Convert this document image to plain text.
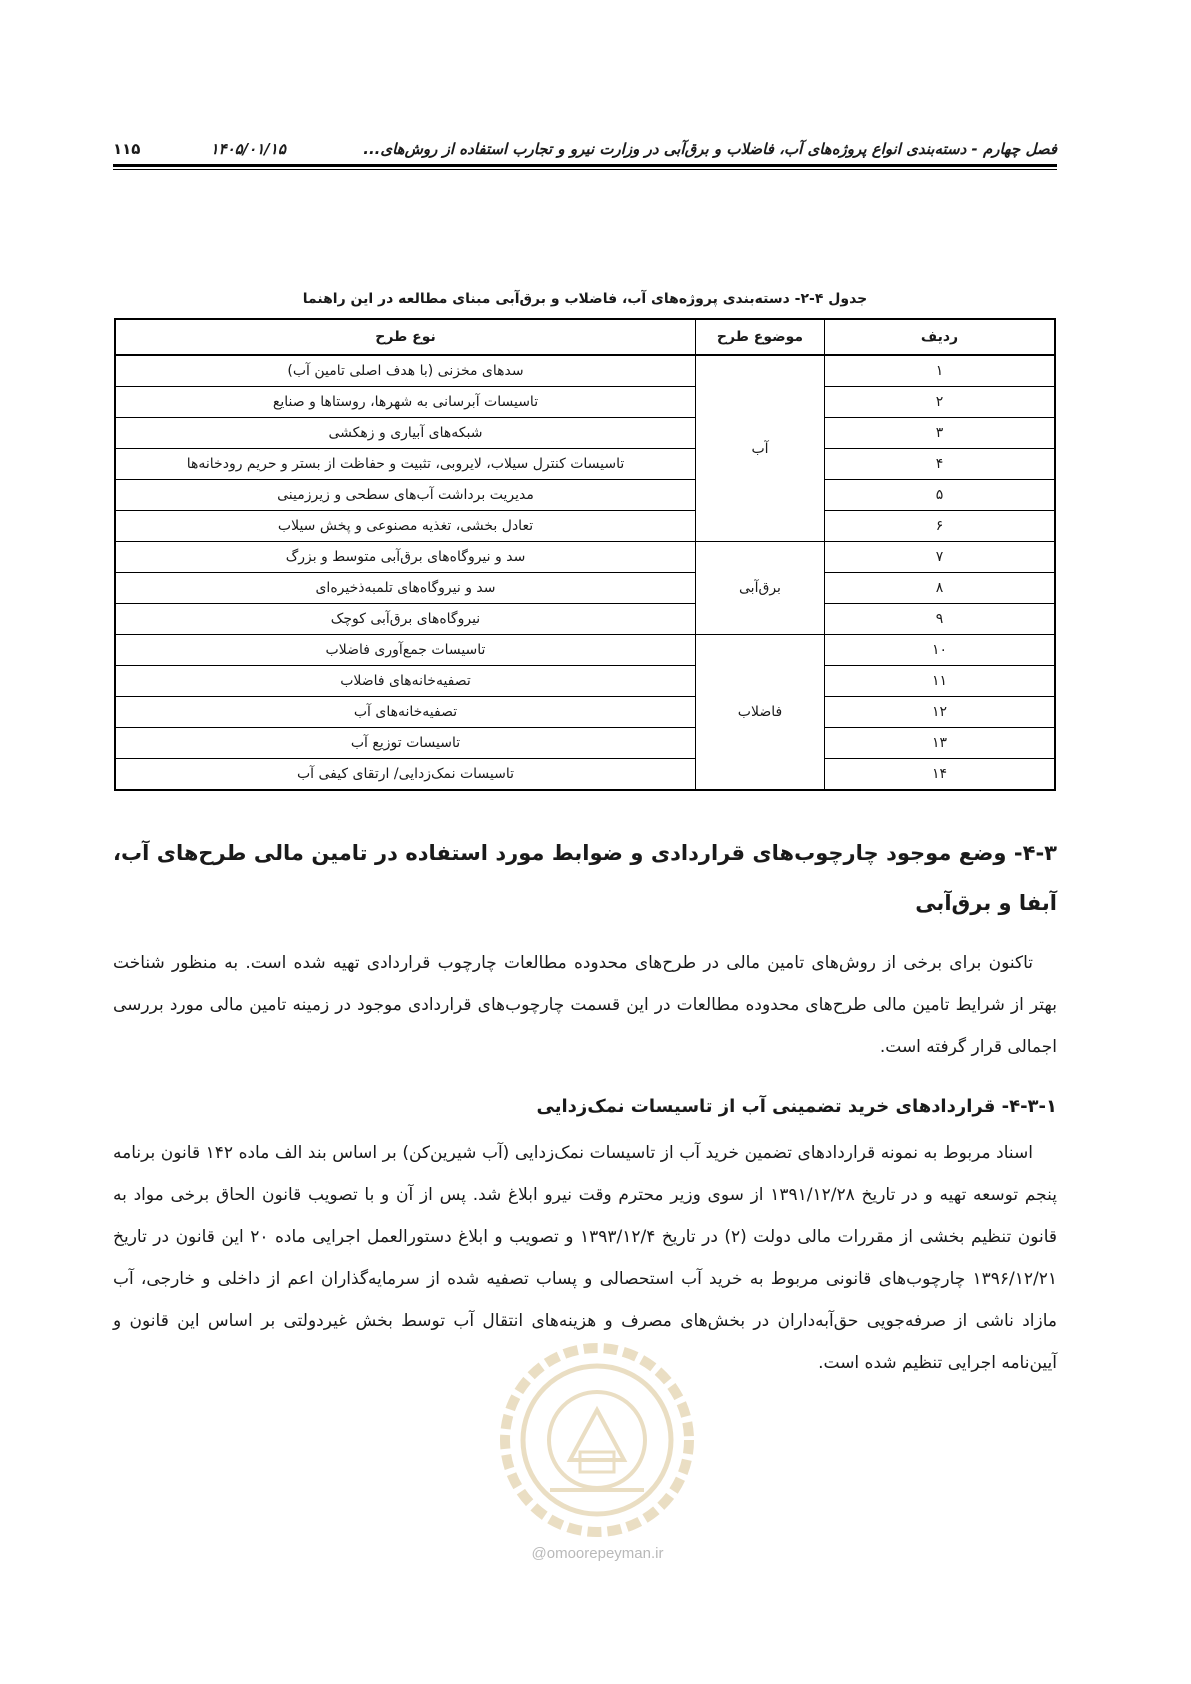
فصل چهارم - دسته‌بندی انواع پروژه‌های آب، فاضلاب و برق‌آبی در وزارت نیرو و تجارب استفاده از روش‌های...
۱۱۵	۱۴۰۵/۰۱/۱۵
جدول ۴-۲- دسته‌بندی پروژه‌های آب، فاضلاب و برق‌آبی مبنای مطالعه در این راهنما
ردیف	موضوع طرح	نوع طرح
۱	آب	سدهای مخزنی (با هدف اصلی تامین آب)
۲		تاسیسات آبرسانی به شهرها، روستاها و صنایع
۳		شبکه‌های آبیاری و زهکشی
۴		تاسیسات کنترل سیلاب، لایروبی، تثبیت و حفاظت از بستر و حریم رودخانه‌ها
۵		مدیریت برداشت آب‌های سطحی و زیرزمینی
۶		تعادل بخشی، تغذیه مصنوعی و پخش سیلاب
۷	برق‌آبی	سد و نیروگاه‌های برق‌آبی متوسط و بزرگ
۸		سد و نیروگاه‌های تلمبه‌ذخیره‌ای
۹		نیروگاه‌های برق‌آبی کوچک
۱۰	فاضلاب	تاسیسات جمع‌آوری فاضلاب
۱۱		تصفیه‌خانه‌های فاضلاب
۱۲		تصفیه‌خانه‌های آب
۱۳		تاسیسات توزیع آب
۱۴		تاسیسات نمک‌زدایی/ ارتقای کیفی آب
۴-۳- وضع موجود چارچوب‌های قراردادی و ضوابط مورد استفاده در تامین مالی طرح‌های آب، آبفا و برق‌آبی

تاکنون برای برخی از روش‌های تامین مالی در طرح‌های محدوده مطالعات چارچوب قراردادی تهیه شده است. به منظور شناخت بهتر از شرایط تامین مالی طرح‌های محدوده مطالعات در این قسمت چارچوب‌های قراردادی موجود در زمینه تامین مالی مورد بررسی اجمالی قرار گرفته است.

۴-۳-۱- قراردادهای خرید تضمینی آب از تاسیسات نمک‌زدایی

اسناد مربوط به نمونه قراردادهای تضمین خرید آب از تاسیسات نمک‌زدایی (آب شیرین‌کن) بر اساس بند الف ماده ۱۴۲ قانون برنامه پنجم توسعه تهیه و در تاریخ ۱۳۹۱/۱۲/۲۸ از سوی وزیر محترم وقت نیرو ابلاغ شد. پس از آن و با تصویب قانون الحاق برخی مواد به قانون تنظیم بخشی از مقررات مالی دولت (۲) در تاریخ ۱۳۹۳/۱۲/۴ و تصویب و ابلاغ دستورالعمل اجرایی ماده ۲۰ این قانون در تاریخ ۱۳۹۶/۱۲/۲۱ چارچوب‌های قانونی مربوط به خرید آب استحصالی و پساب تصفیه شده از سرمایه‌گذاران اعم از داخلی و خارجی، آب مازاد ناشی از صرفه‌جویی حق‌آبه‌داران در بخش‌های مصرف و هزینه‌های انتقال آب توسط بخش غیردولتی بر اساس این قانون و آیین‌نامه اجرایی تنظیم شده است.

@omoorepeyman.ir
